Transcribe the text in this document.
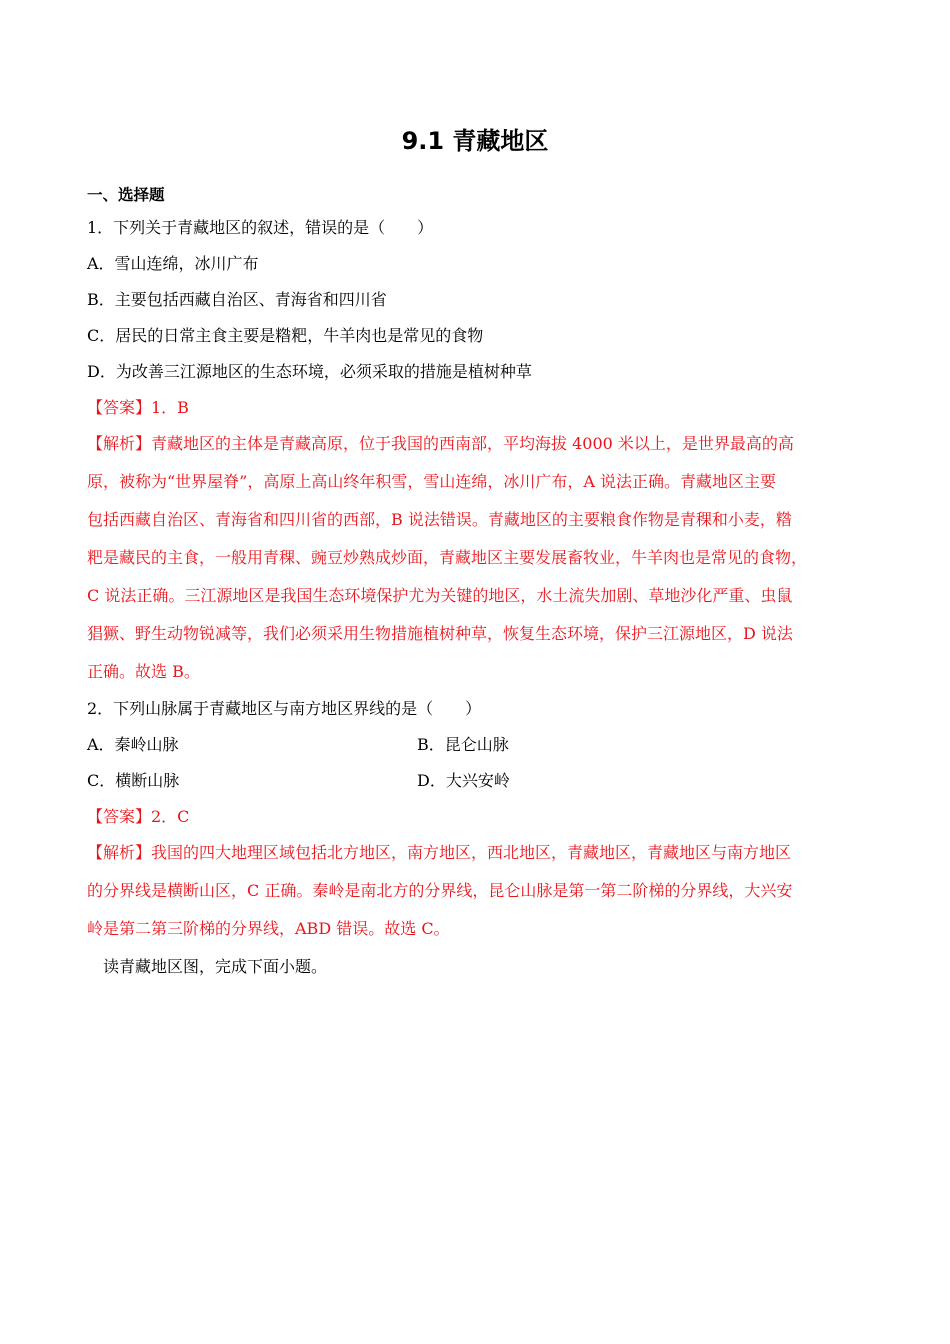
9.1 青藏地区
一、选择题
1．下列关于青藏地区的叙述，错误的是（　　）
A．雪山连绵，冰川广布
B．主要包括西藏自治区、青海省和四川省
C．居民的日常主食主要是糌粑，牛羊肉也是常见的食物
D．为改善三江源地区的生态环境，必须采取的措施是植树种草
【答案】1．B
【解析】青藏地区的主体是青藏高原，位于我国的西南部，平均海拔 4000 米以上，是世界最高的高
原，被称为“世界屋脊”，高原上高山终年积雪，雪山连绵，冰川广布，A 说法正确。青藏地区主要
包括西藏自治区、青海省和四川省的西部，B 说法错误。青藏地区的主要粮食作物是青稞和小麦，糌
粑是藏民的主食，一般用青稞、豌豆炒熟成炒面，青藏地区主要发展畜牧业，牛羊肉也是常见的食物，
C 说法正确。三江源地区是我国生态环境保护尤为关键的地区，水土流失加剧、草地沙化严重、虫鼠
猖獗、野生动物锐减等，我们必须采用生物措施植树种草，恢复生态环境，保护三江源地区，D 说法
正确。故选 B。
2．下列山脉属于青藏地区与南方地区界线的是（　　）
A．秦岭山脉	B．昆仑山脉
C．横断山脉	D．大兴安岭
【答案】2．C
【解析】我国的四大地理区域包括北方地区，南方地区，西北地区，青藏地区，青藏地区与南方地区
的分界线是横断山区，C 正确。秦岭是南北方的分界线，昆仑山脉是第一第二阶梯的分界线，大兴安
岭是第二第三阶梯的分界线，ABD 错误。故选 C。
读青藏地区图，完成下面小题。
